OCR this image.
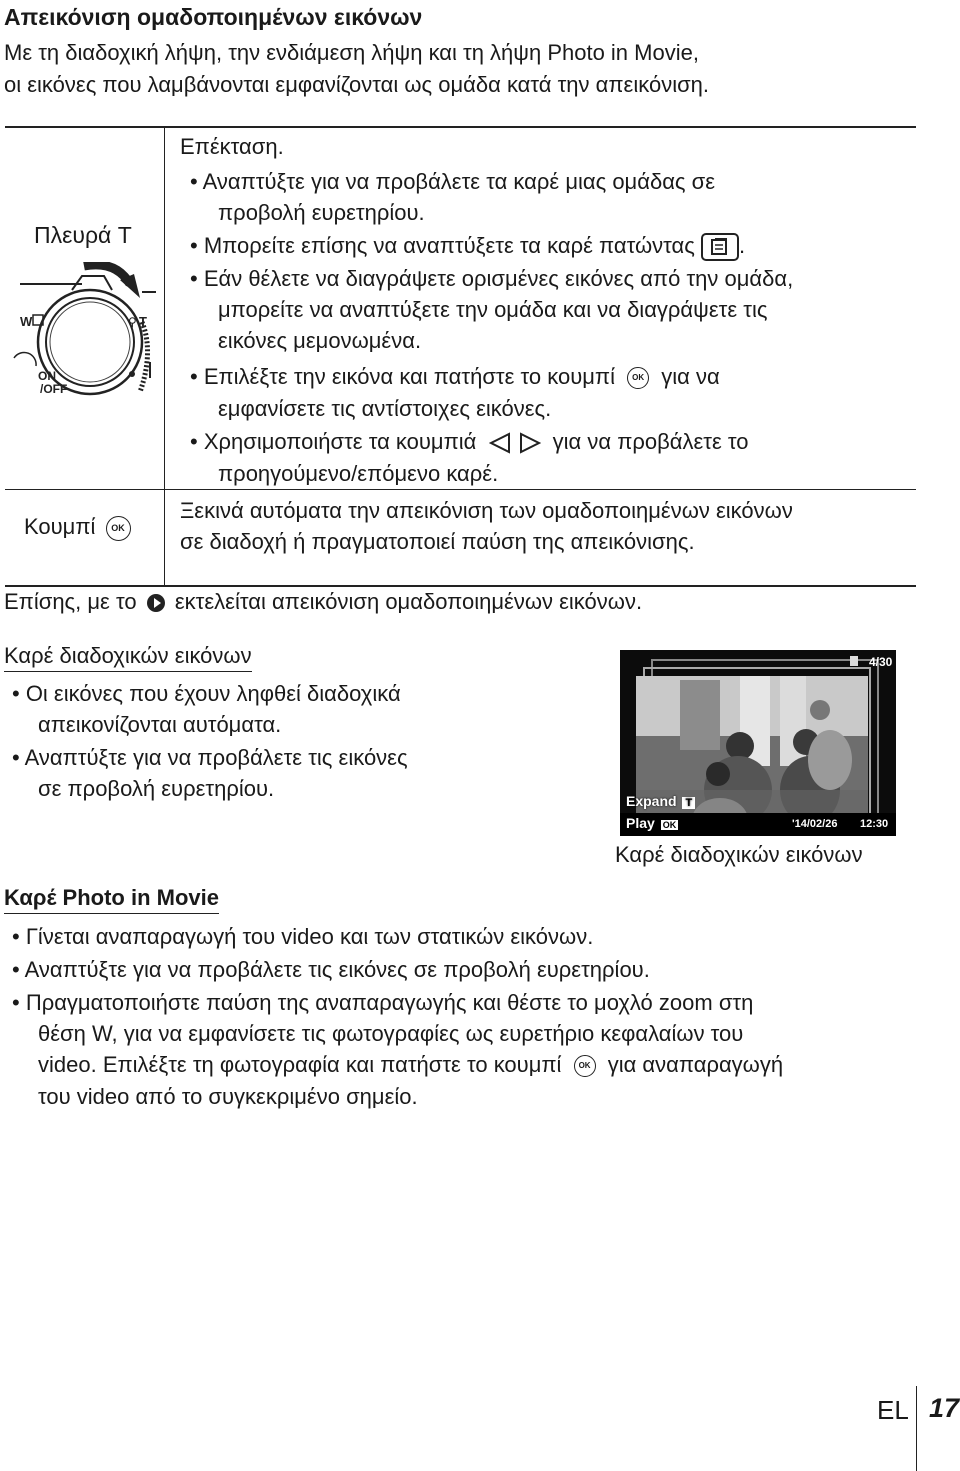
Απεικόνιση ομαδοποιημένων εικόνων
Με τη διαδοχική λήψη, την ενδιάμεση λήψη και τη λήψη Photo in Movie,
οι εικόνες που λαμβάνονται εμφανίζονται ως ομάδα κατά την απεικόνιση.
Πλευρά T
W	⚲ T
ON
/OFF
Επέκταση.
• Αναπτύξτε για να προβάλετε τα καρέ μιας ομάδας σε
προβολή ευρετηρίου.
• Μπορείτε επίσης να αναπτύξετε τα καρέ πατώντας .
• Εάν θέλετε να διαγράψετε ορισμένες εικόνες από την ομάδα,
μπορείτε να αναπτύξετε την ομάδα και να διαγράψετε τις
εικόνες μεμονωμένα.
• Επιλέξτε την εικόνα και πατήστε το κουμπί OK για να
εμφανίσετε τις αντίστοιχες εικόνες.
• Χρησιμοποιήστε τα κουμπιά	για να προβάλετε το
προηγούμενο/επόμενο καρέ.
Κουμπί OK
Ξεκινά αυτόματα την απεικόνιση των ομαδοποιημένων εικόνων
σε διαδοχή ή πραγματοποιεί παύση της απεικόνισης.
Επίσης, με το εκτελείται απεικόνιση ομαδοποιημένων εικόνων.
Καρέ διαδοχικών εικόνων
• Οι εικόνες που έχουν ληφθεί διαδοχικά
απεικονίζονται αυτόματα.
• Αναπτύξτε για να προβάλετε τις εικόνες
σε προβολή ευρετηρίου.
4/30
Expand T
Play OK	'14/02/26 12:30
Καρέ διαδοχικών εικόνων
Καρέ Photo in Movie
• Γίνεται αναπαραγωγή του video και των στατικών εικόνων.
• Αναπτύξτε για να προβάλετε τις εικόνες σε προβολή ευρετηρίου.
• Πραγματοποιήστε παύση της αναπαραγωγής και θέστε το μοχλό zoom στη
θέση W, για να εμφανίσετε τις φωτογραφίες ως ευρετήριο κεφαλαίων του
video. Επιλέξτε τη φωτογραφία και πατήστε το κουμπί OK για αναπαραγωγή
του video από το συγκεκριμένο σημείο.
EL 17
